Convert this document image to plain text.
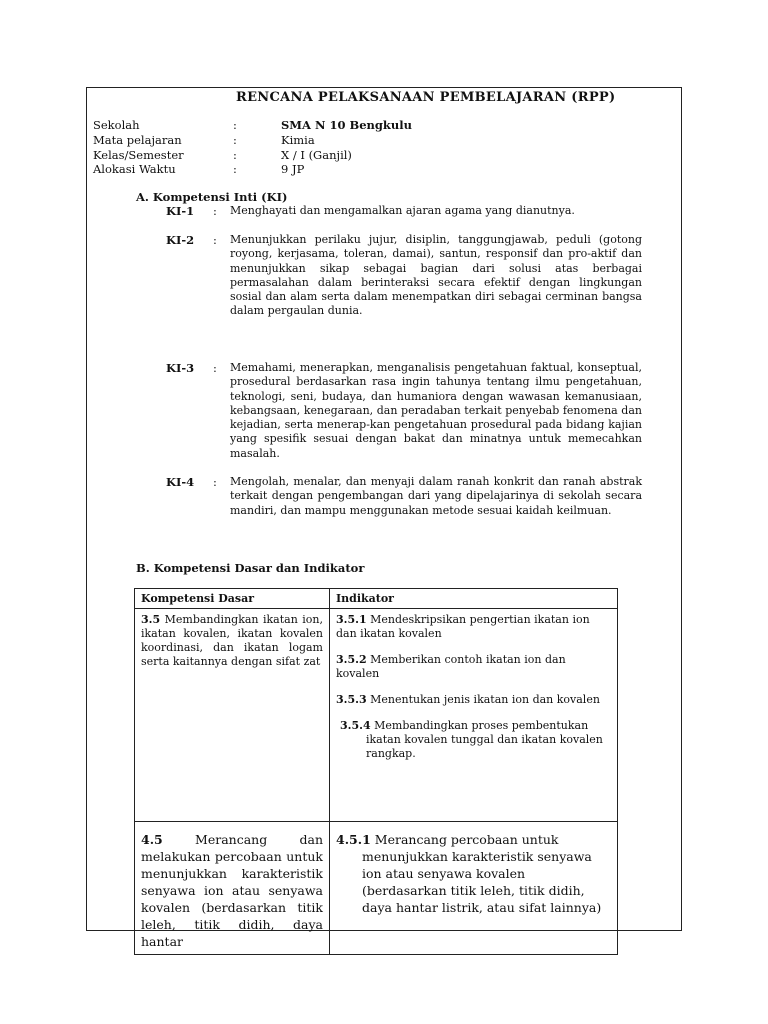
RENCANA PELAKSANAAN PEMBELAJARAN (RPP)
Sekolah	:	SMA N 10 Bengkulu
Mata pelajaran	:	Kimia
Kelas/Semester	:	X / I (Ganjil)
Alokasi Waktu	:	9 JP
A. Kompetensi Inti (KI)
KI-1 : Menghayati dan mengamalkan ajaran agama yang dianutnya.
KI-2 : Menunjukkan perilaku jujur, disiplin, tanggungjawab, peduli (gotong royong, kerjasama, toleran, damai), santun, responsif dan pro-aktif dan menunjukkan sikap sebagai bagian dari solusi atas berbagai permasalahan dalam berinteraksi secara efektif dengan lingkungan sosial dan alam serta dalam menempatkan diri sebagai cerminan bangsa dalam pergaulan dunia.
KI-3 : Memahami, menerapkan, menganalisis pengetahuan faktual, konseptual, prosedural berdasarkan rasa ingin tahunya tentang ilmu pengetahuan, teknologi, seni, budaya, dan humaniora dengan wawasan kemanusiaan, kebangsaan, kenegaraan, dan peradaban terkait penyebab fenomena dan kejadian, serta menerap-kan pengetahuan prosedural pada bidang kajian yang spesifik sesuai dengan bakat dan minatnya untuk memecahkan masalah.
KI-4 : Mengolah, menalar, dan menyaji dalam ranah konkrit dan ranah abstrak terkait dengan pengembangan dari yang dipelajarinya di sekolah secara mandiri, dan mampu menggunakan metode sesuai kaidah keilmuan.
B. Kompetensi Dasar dan Indikator
Kompetensi Dasar	Indikator

3.5 Membandingkan ikatan ion, ikatan kovalen, ikatan kovalen koordinasi, dan ikatan logam serta kaitannya dengan sifat zat	3.5.1 Mendeskripsikan pengertian ikatan ion dan ikatan kovalen
3.5.2 Memberikan contoh ikatan ion dan kovalen
3.5.3 Menentukan jenis ikatan ion dan kovalen
3.5.4 Membandingkan proses pembentukan ikatan kovalen tunggal dan ikatan kovalen rangkap.

4.5 Merancang dan melakukan percobaan untuk menunjukkan karakteristik senyawa ion atau senyawa kovalen (berdasarkan titik leleh, titik didih, daya hantar	4.5.1 Merancang percobaan untuk menunjukkan karakteristik senyawa ion atau senyawa kovalen (berdasarkan titik leleh, titik didih, daya hantar listrik, atau sifat lainnya)
